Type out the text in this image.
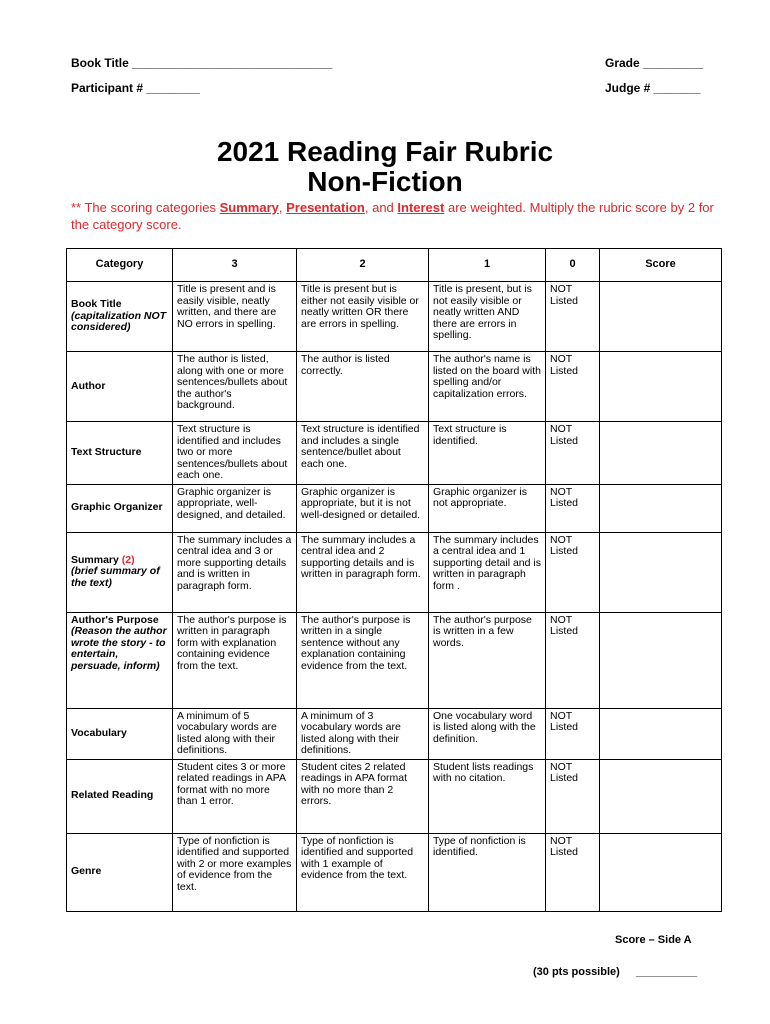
Book Title ______________________________	Grade _________
Participant # ________	Judge # _______
2021 Reading Fair Rubric
Non-Fiction
** The scoring categories Summary, Presentation, and Interest are weighted. Multiply the rubric score by 2 for the category score.
Category	3	2	1	0	Score

Book Title
(capitalization NOT considered)	Title is present and is easily visible, neatly written, and there are NO errors in spelling.	Title is present but is either not easily visible or neatly written OR there are errors in spelling.	Title is present, but is not easily visible or neatly written AND there are errors in spelling.	NOT Listed	

Author	The author is listed, along with one or more sentences/bullets about the author's background.	The author is listed correctly.	The author's name is listed on the board with spelling and/or capitalization errors.	NOT Listed	

Text Structure	Text structure is identified and includes two or more sentences/bullets about each one.	Text structure is identified and includes a single sentence/bullet about each one.	Text structure is identified.	NOT Listed	

Graphic Organizer	Graphic organizer is appropriate, well-designed, and detailed.	Graphic organizer is appropriate, but it is not well-designed or detailed.	Graphic organizer is not appropriate.	NOT Listed	

Summary (2)
(brief summary of the text)	The summary includes a central idea and 3 or more supporting details and is written in paragraph form.	The summary includes a central idea and 2 supporting details and is written in paragraph form.	The summary includes a central idea and 1 supporting detail and is written in paragraph form .	NOT Listed	

Author's Purpose
(Reason the author wrote the story - to entertain, persuade, inform)	The author's purpose is written in paragraph form with explanation containing evidence from the text.	The author's purpose is written in a single sentence without any explanation containing evidence from the text.	The author's purpose is written in a few words.	NOT Listed	

Vocabulary	A minimum of 5 vocabulary words are listed along with their definitions.	A minimum of 3 vocabulary words are listed along with their definitions.	One vocabulary word is listed along with the definition.	NOT Listed	

Related Reading	Student cites 3 or more related readings in APA format with no more than 1 error.	Student cites 2 related readings in APA format with no more than 2 errors.	Student lists readings with no citation.	NOT Listed	

Genre	Type of nonfiction is identified and supported with 2 or more examples of evidence from the text.	Type of nonfiction is identified and supported with 1 example of evidence from the text.	Type of nonfiction is identified.	NOT Listed	
Score – Side A
(30 pts possible) __________
